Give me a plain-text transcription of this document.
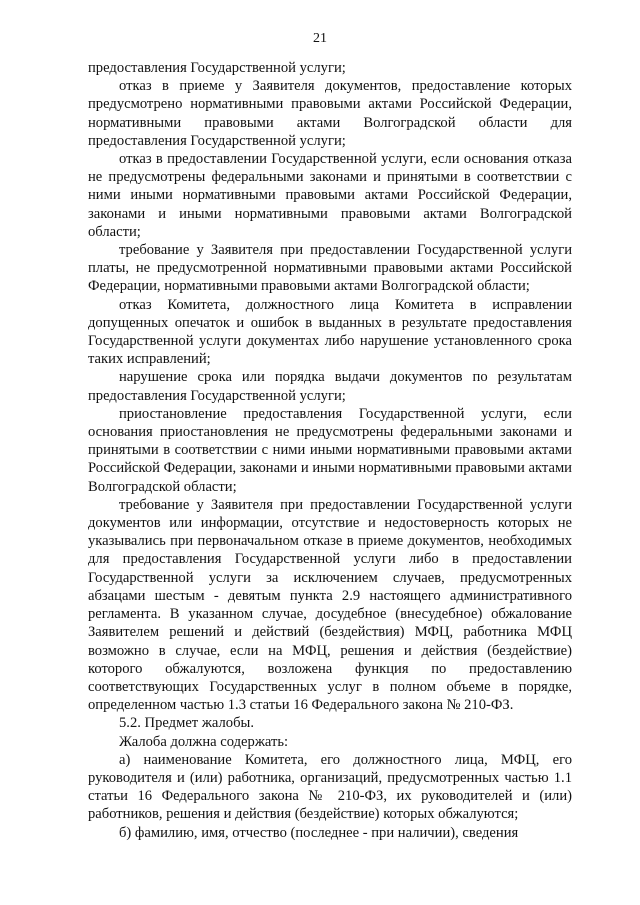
21

предоставления Государственной услуги;

отказ в приеме у Заявителя документов, предоставление которых предусмотрено нормативными правовыми актами Российской Федерации, нормативными правовыми актами Волгоградской области для предоставления Государственной услуги;

отказ в предоставлении Государственной услуги, если основания отказа не предусмотрены федеральными законами и принятыми в соответствии с ними иными нормативными правовыми актами Российской Федерации, законами и иными нормативными правовыми актами Волгоградской области;

требование у Заявителя при предоставлении Государственной услуги платы, не предусмотренной нормативными правовыми актами Российской Федерации, нормативными правовыми актами Волгоградской области;

отказ Комитета, должностного лица Комитета в исправлении допущенных опечаток и ошибок в выданных в результате предоставления Государственной услуги документах либо нарушение установленного срока таких исправлений;

нарушение срока или порядка выдачи документов по результатам предоставления Государственной услуги;

приостановление предоставления Государственной услуги, если основания приостановления не предусмотрены федеральными законами и принятыми в соответствии с ними иными нормативными правовыми актами Российской Федерации, законами и иными нормативными правовыми актами Волгоградской области;

требование у Заявителя при предоставлении Государственной услуги документов или информации, отсутствие и недостоверность которых не указывались при первоначальном отказе в приеме документов, необходимых для предоставления Государственной услуги либо в предоставлении Государственной услуги за исключением случаев, предусмотренных абзацами шестым - девятым пункта 2.9 настоящего административного регламента. В указанном случае, досудебное (внесудебное) обжалование Заявителем решений и действий (бездействия) МФЦ, работника МФЦ возможно в случае, если на МФЦ, решения и действия (бездействие) которого обжалуются, возложена функция по предоставлению соответствующих Государственных услуг в полном объеме в порядке, определенном частью 1.3 статьи 16 Федерального закона № 210-ФЗ.

5.2. Предмет жалобы.

Жалоба должна содержать:

а) наименование Комитета, его должностного лица, МФЦ, его руководителя и (или) работника, организаций, предусмотренных частью 1.1 статьи 16 Федерального закона № 210-ФЗ, их руководителей и (или) работников, решения и действия (бездействие) которых обжалуются;

б) фамилию, имя, отчество (последнее - при наличии), сведения
